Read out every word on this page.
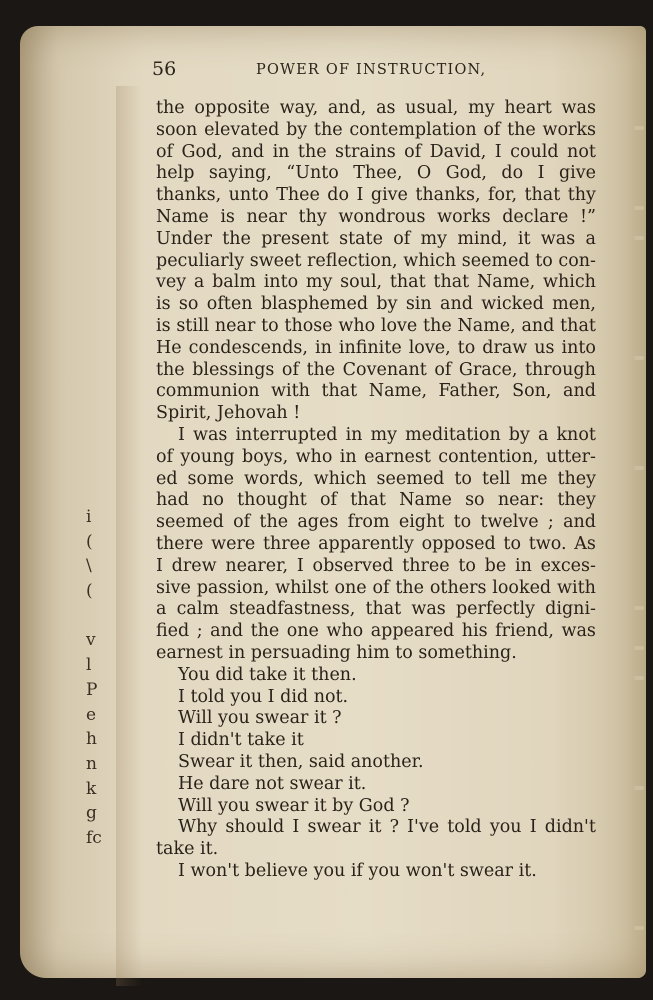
i
(
\
(
v
l
P
e
h
n
k
g
fc
56	POWER OF INSTRUCTION,
the opposite way, and, as usual, my heart was
soon elevated by the contemplation of the works
of God, and in the strains of David, I could not
help saying, “Unto Thee, O God, do I give
thanks, unto Thee do I give thanks, for, that thy
Name is near thy wondrous works declare !”
Under the present state of my mind, it was a
peculiarly sweet reflection, which seemed to con-
vey a balm into my soul, that that Name, which
is so often blasphemed by sin and wicked men,
is still near to those who love the Name, and that
He condescends, in infinite love, to draw us into
the blessings of the Covenant of Grace, through
communion with that Name, Father, Son, and
Spirit, Jehovah !
I was interrupted in my meditation by a knot
of young boys, who in earnest contention, utter-
ed some words, which seemed to tell me they
had no thought of that Name so near: they
seemed of the ages from eight to twelve ; and
there were three apparently opposed to two. As
I drew nearer, I observed three to be in exces-
sive passion, whilst one of the others looked with
a calm steadfastness, that was perfectly digni-
fied ; and the one who appeared his friend, was
earnest in persuading him to something.
You did take it then.
I told you I did not.
Will you swear it ?
I didn't take it
Swear it then, said another.
He dare not swear it.
Will you swear it by God ?
Why should I swear it ? I've told you I didn't
take it.
I won't believe you if you won't swear it.
